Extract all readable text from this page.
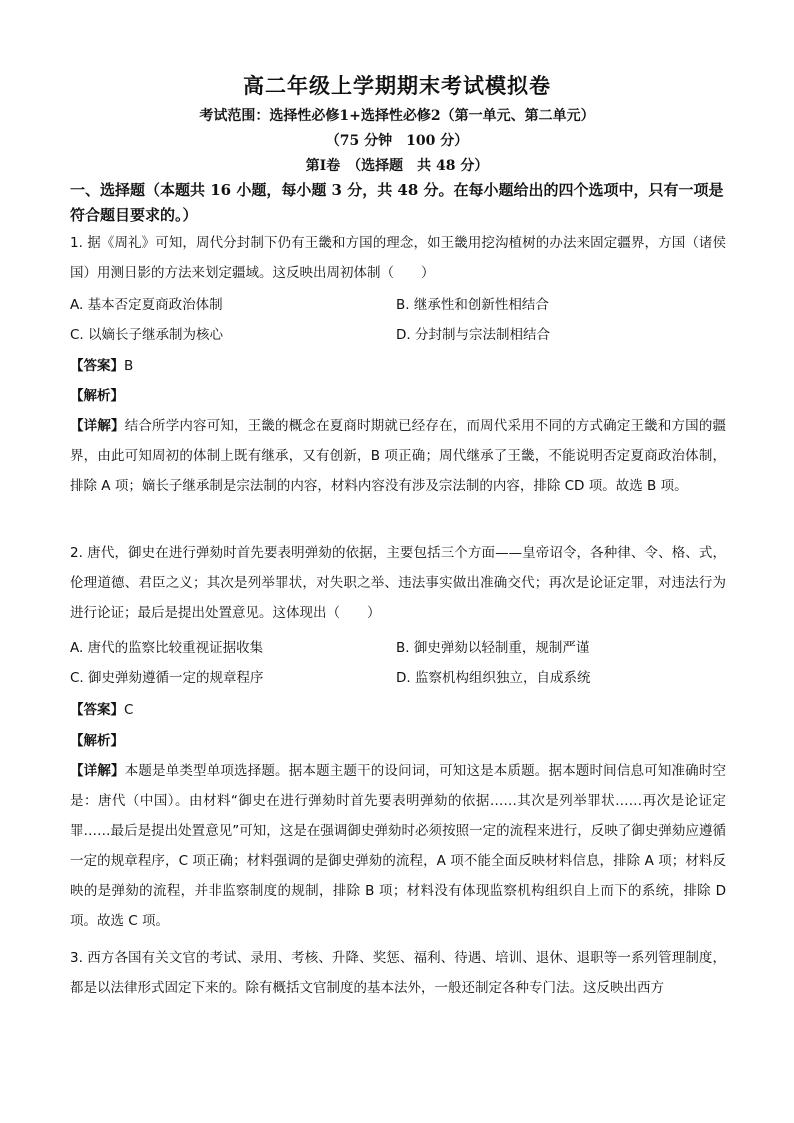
高二年级上学期期末考试模拟卷
考试范围：选择性必修1+选择性必修2（第一单元、第二单元）
（75 分钟　100 分）
第Ⅰ卷　（选择题　共 48 分）
一、选择题（本题共 16 小题，每小题 3 分，共 48 分。在每小题给出的四个选项中，只有一项是符合题目要求的。）
1. 据《周礼》可知，周代分封制下仍有王畿和方国的理念，如王畿用挖沟植树的办法来固定疆界，方国（诸侯国）用测日影的方法来划定疆域。这反映出周初体制（　　）
A. 基本否定夏商政治体制	B. 继承性和创新性相结合
C. 以嫡长子继承制为核心	D. 分封制与宗法制相结合
【答案】B
【解析】
【详解】结合所学内容可知，王畿的概念在夏商时期就已经存在，而周代采用不同的方式确定王畿和方国的疆界，由此可知周初的体制上既有继承，又有创新，B 项正确；周代继承了王畿，不能说明否定夏商政治体制，排除 A 项；嫡长子继承制是宗法制的内容，材料内容没有涉及宗法制的内容，排除 CD 项。故选 B 项。
2. 唐代，御史在进行弹劾时首先要表明弹劾的依据，主要包括三个方面——皇帝诏令，各种律、令、格、式，伦理道德、君臣之义；其次是列举罪状，对失职之举、违法事实做出准确交代；再次是论证定罪，对违法行为进行论证；最后是提出处置意见。这体现出（　　）
A. 唐代的监察比较重视证据收集	B. 御史弹劾以轻制重，规制严谨
C. 御史弹劾遵循一定的规章程序	D. 监察机构组织独立，自成系统
【答案】C
【解析】
【详解】本题是单类型单项选择题。据本题主题干的设问词，可知这是本质题。据本题时间信息可知准确时空是：唐代（中国）。由材料“御史在进行弹劾时首先要表明弹劾的依据……其次是列举罪状……再次是论证定罪……最后是提出处置意见”可知，这是在强调御史弹劾时必须按照一定的流程来进行，反映了御史弹劾应遵循一定的规章程序，C 项正确；材料强调的是御史弹劾的流程，A 项不能全面反映材料信息，排除 A 项；材料反映的是弹劾的流程，并非监察制度的规制，排除 B 项；材料没有体现监察机构组织自上而下的系统，排除 D 项。故选 C 项。
3. 西方各国有关文官的考试、录用、考核、升降、奖惩、福利、待遇、培训、退休、退职等一系列管理制度，都是以法律形式固定下来的。除有概括文官制度的基本法外，一般还制定各种专门法。这反映出西方
